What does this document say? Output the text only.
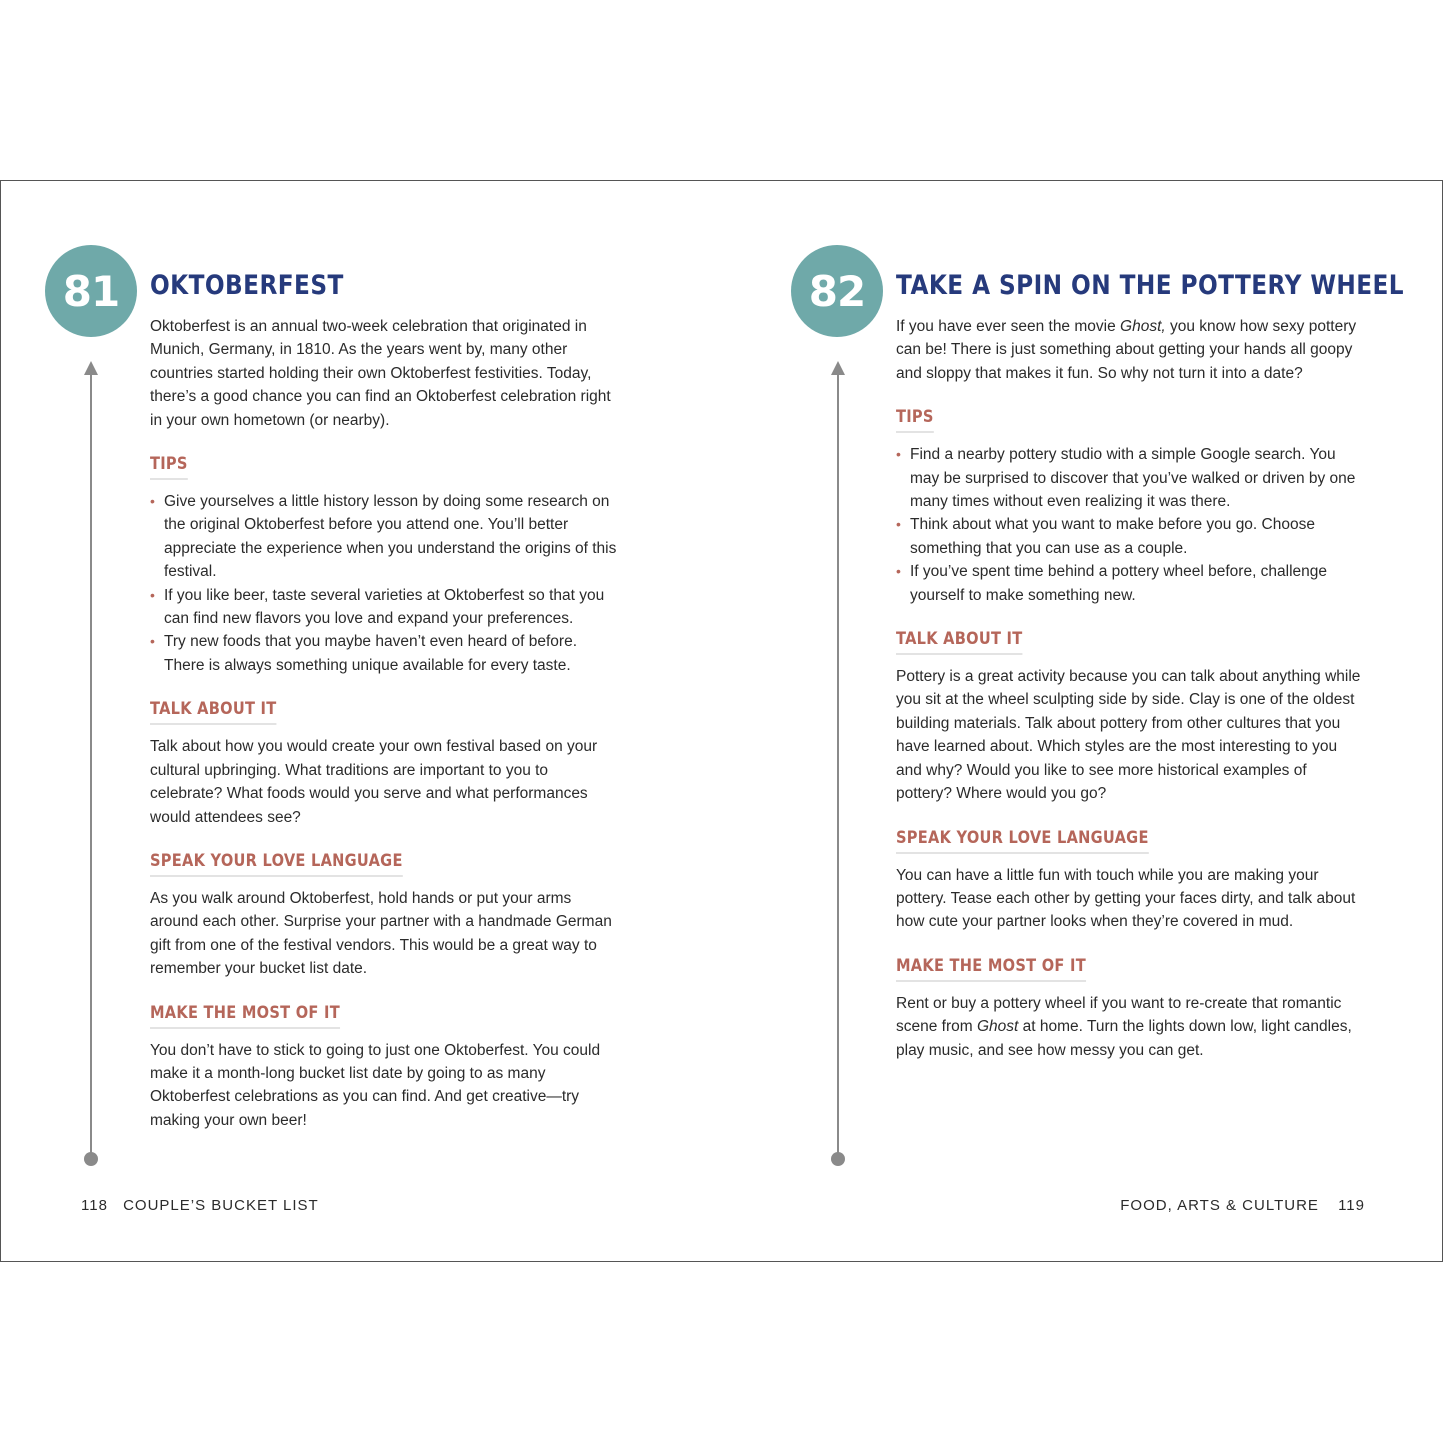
81	OKTOBERFEST

Oktoberfest is an annual two-week celebration that originated in Munich, Germany, in 1810. As the years went by, many other countries started holding their own Oktoberfest festivities. Today, there’s a good chance you can find an Oktoberfest celebration right in your own hometown (or nearby).

TIPS
• Give yourselves a little history lesson by doing some research on the original Oktoberfest before you attend one. You’ll better appreciate the experience when you understand the origins of this festival.
• If you like beer, taste several varieties at Oktoberfest so that you can find new flavors you love and expand your preferences.
• Try new foods that you maybe haven’t even heard of before. There is always something unique available for every taste.
TALK ABOUT IT

Talk about how you would create your own festival based on your cultural upbringing. What traditions are important to you to celebrate? What foods would you serve and what performances would attendees see?

SPEAK YOUR LOVE LANGUAGE

As you walk around Oktoberfest, hold hands or put your arms around each other. Surprise your partner with a handmade German gift from one of the festival vendors. This would be a great way to remember your bucket list date.

MAKE THE MOST OF IT

You don’t have to stick to going to just one Oktoberfest. You could make it a month-long bucket list date by going to as many Oktoberfest celebrations as you can find. And get creative—try making your own beer!

118 COUPLE’S BUCKET LIST
82	TAKE A SPIN ON THE POTTERY WHEEL

If you have ever seen the movie Ghost, you know how sexy pottery can be! There is just something about getting your hands all goopy and sloppy that makes it fun. So why not turn it into a date?

TIPS
• Find a nearby pottery studio with a simple Google search. You may be surprised to discover that you’ve walked or driven by one many times without even realizing it was there.
• Think about what you want to make before you go. Choose something that you can use as a couple.
• If you’ve spent time behind a pottery wheel before, challenge yourself to make something new.
TALK ABOUT IT

Pottery is a great activity because you can talk about anything while you sit at the wheel sculpting side by side. Clay is one of the oldest building materials. Talk about pottery from other cultures that you have learned about. Which styles are the most interesting to you and why? Would you like to see more historical examples of pottery? Where would you go?

SPEAK YOUR LOVE LANGUAGE

You can have a little fun with touch while you are making your pottery. Tease each other by getting your faces dirty, and talk about how cute your partner looks when they’re covered in mud.

MAKE THE MOST OF IT

Rent or buy a pottery wheel if you want to re-create that romantic scene from Ghost at home. Turn the lights down low, light candles, play music, and see how messy you can get.

FOOD, ARTS & CULTURE 119
